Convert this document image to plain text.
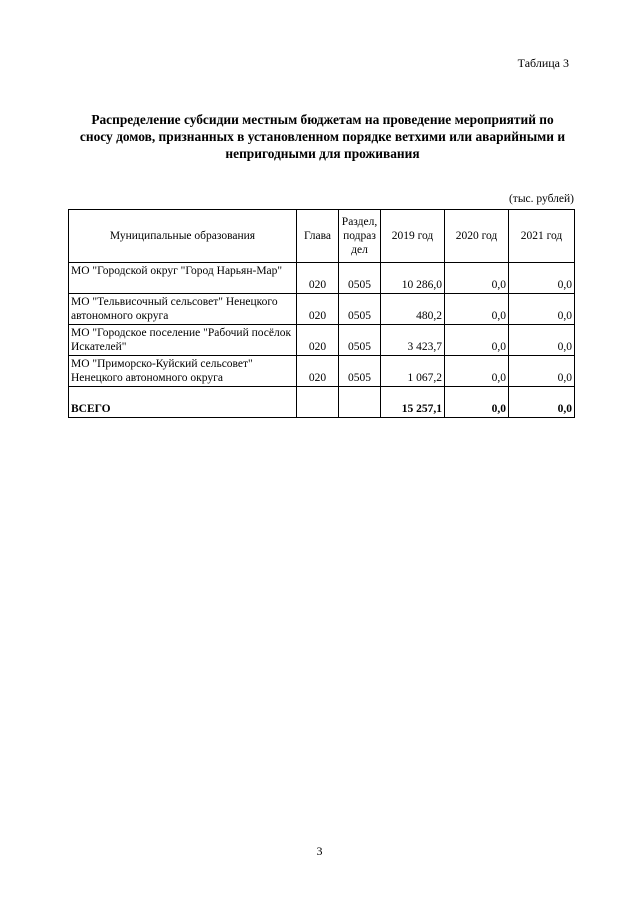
Таблица 3
Распределение субсидии местным бюджетам на проведение мероприятий по
сносу домов, признанных в установленном порядке ветхими или аварийными и
непригодными для проживания
(тыс. рублей)
Муниципальные образования	Глава	Раздел, подраз дел	2019 год	2020 год	2021 год
МО "Городской округ "Город Нарьян-Мар"	020	0505	10 286,0	0,0	0,0
МО "Тельвисочный сельсовет" Ненецкого автономного округа	020	0505	480,2	0,0	0,0
МО "Городское поселение "Рабочий посёлок Искателей"	020	0505	3 423,7	0,0	0,0
МО "Приморско-Куйский сельсовет" Ненецкого автономного округа	020	0505	1 067,2	0,0	0,0
ВСЕГО			15 257,1	0,0	0,0
3
